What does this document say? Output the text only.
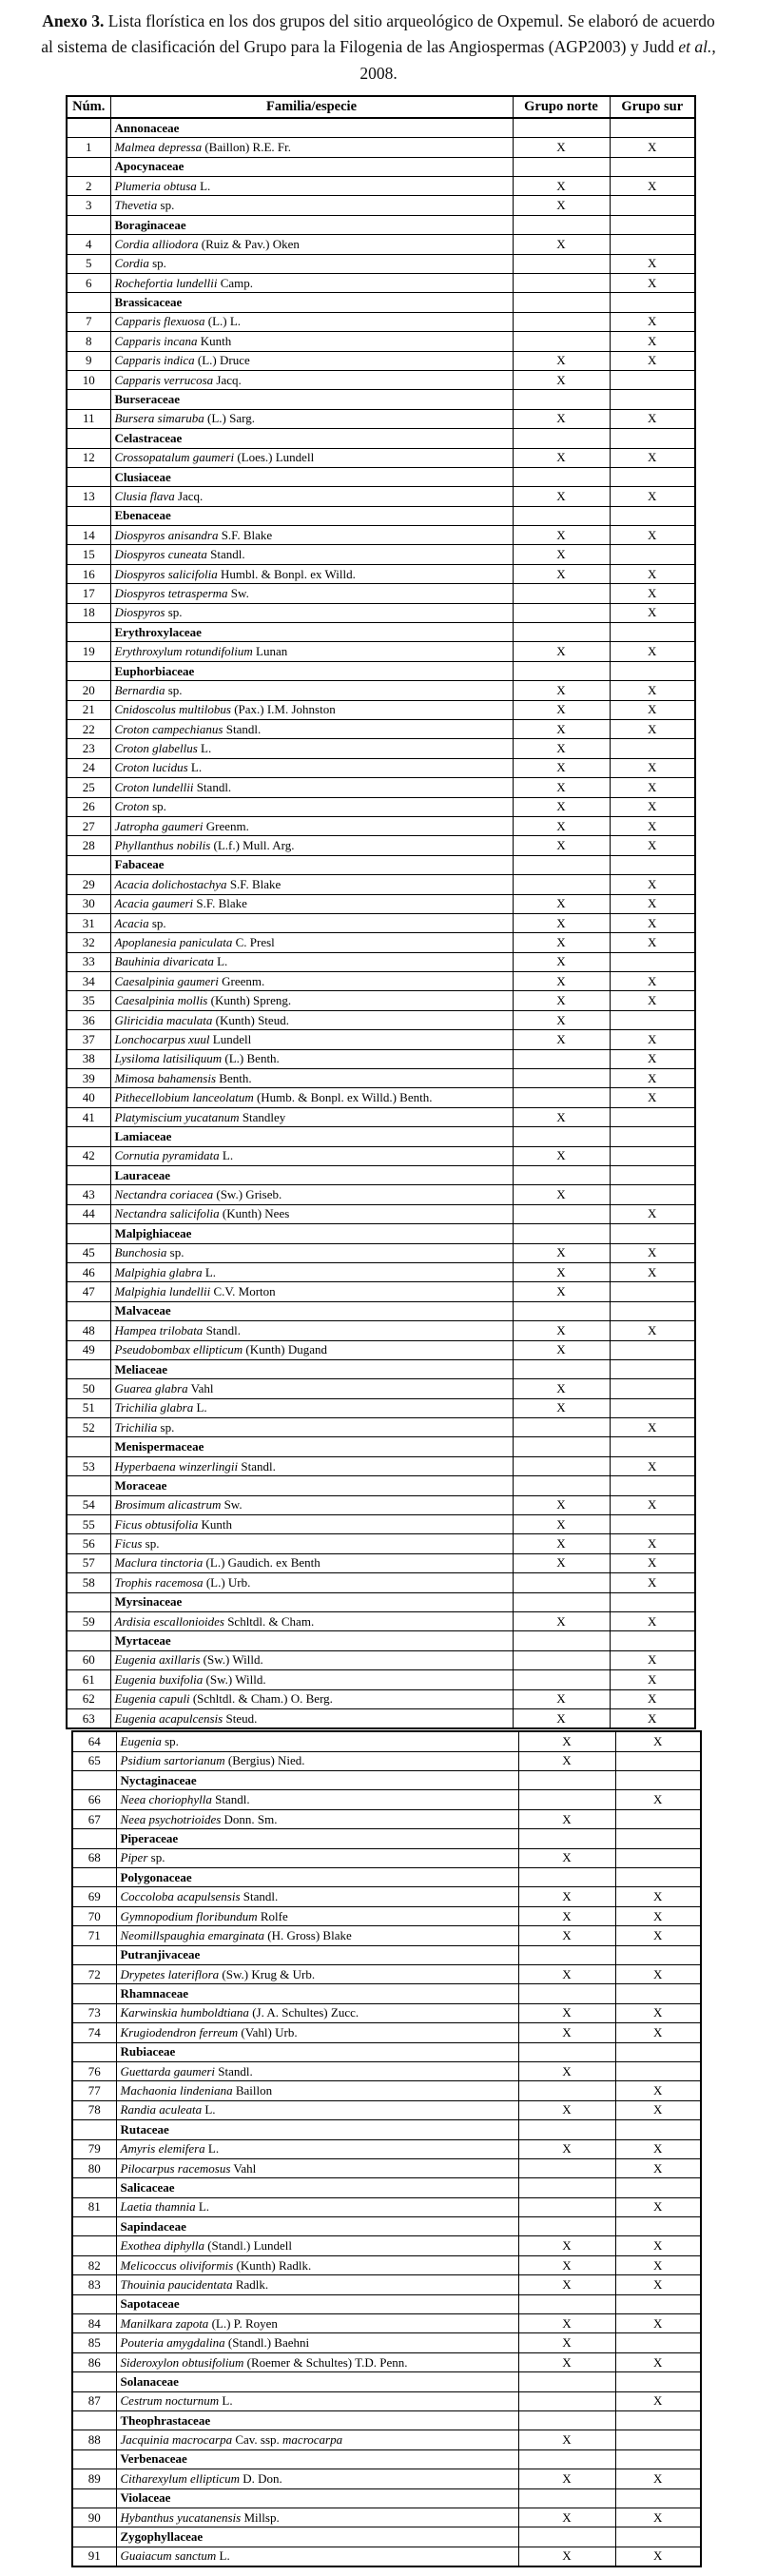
Anexo 3. Lista florística en los dos grupos del sitio arqueológico de Oxpemul. Se elaboró de acuerdo al sistema de clasificación del Grupo para la Filogenia de las Angiospermas (AGP2003) y Judd et al., 2008.
Núm.	Familia/especie	Grupo norte	Grupo sur
	Annonaceae		
1	Malmea depressa (Baillon) R.E. Fr.	X	X
	Apocynaceae		
2	Plumeria obtusa L.	X	X
3	Thevetia sp.	X	
	Boraginaceae		
4	Cordia alliodora (Ruiz & Pav.) Oken	X	
5	Cordia sp.		X
6	Rochefortia lundellii Camp.		X
	Brassicaceae		
7	Capparis flexuosa (L.) L.		X
8	Capparis incana Kunth		X
9	Capparis indica (L.) Druce	X	X
10	Capparis verrucosa Jacq.	X	
	Burseraceae		
11	Bursera simaruba (L.) Sarg.	X	X
	Celastraceae		
12	Crossopatalum gaumeri (Loes.) Lundell	X	X
	Clusiaceae		
13	Clusia flava Jacq.	X	X
	Ebenaceae		
14	Diospyros anisandra S.F. Blake	X	X
15	Diospyros cuneata Standl.	X	
16	Diospyros salicifolia Humbl. & Bonpl. ex Willd.	X	X
17	Diospyros tetrasperma Sw.		X
18	Diospyros sp.		X
	Erythroxylaceae		
19	Erythroxylum rotundifolium Lunan	X	X
	Euphorbiaceae		
20	Bernardia sp.	X	X
21	Cnidoscolus multilobus (Pax.) I.M. Johnston	X	X
22	Croton campechianus Standl.	X	X
23	Croton glabellus L.	X	
24	Croton lucidus L.	X	X
25	Croton lundellii Standl.	X	X
26	Croton sp.	X	X
27	Jatropha gaumeri Greenm.	X	X
28	Phyllanthus nobilis (L.f.) Mull. Arg.	X	X
	Fabaceae		
29	Acacia dolichostachya S.F. Blake		X
30	Acacia gaumeri S.F. Blake	X	X
31	Acacia sp.	X	X
32	Apoplanesia paniculata C. Presl	X	X
33	Bauhinia divaricata L.	X	
34	Caesalpinia gaumeri Greenm.	X	X
35	Caesalpinia mollis (Kunth) Spreng.	X	X
36	Gliricidia maculata (Kunth) Steud.	X	
37	Lonchocarpus xuul Lundell	X	X
38	Lysiloma latisiliquum (L.) Benth.		X
39	Mimosa bahamensis Benth.		X
40	Pithecellobium lanceolatum (Humb. & Bonpl. ex Willd.) Benth.		X
41	Platymiscium yucatanum Standley	X	
	Lamiaceae		
42	Cornutia pyramidata L.	X	
	Lauraceae		
43	Nectandra coriacea (Sw.) Griseb.	X	
44	Nectandra salicifolia (Kunth) Nees		X
	Malpighiaceae		
45	Bunchosia sp.	X	X
46	Malpighia glabra L.	X	X
47	Malpighia lundellii C.V. Morton	X	
	Malvaceae		
48	Hampea trilobata Standl.	X	X
49	Pseudobombax ellipticum (Kunth) Dugand	X	
	Meliaceae		
50	Guarea glabra Vahl	X	
51	Trichilia glabra L.	X	
52	Trichilia sp.		X
	Menispermaceae		
53	Hyperbaena winzerlingii Standl.		X
	Moraceae		
54	Brosimum alicastrum Sw.	X	X
55	Ficus obtusifolia Kunth	X	
56	Ficus sp.	X	X
57	Maclura tinctoria (L.) Gaudich. ex Benth	X	X
58	Trophis racemosa (L.) Urb.		X
	Myrsinaceae		
59	Ardisia escallonioides Schltdl. & Cham.	X	X
	Myrtaceae		
60	Eugenia axillaris (Sw.) Willd.		X
61	Eugenia buxifolia (Sw.) Willd.		X
62	Eugenia capuli (Schltdl. & Cham.) O. Berg.	X	X
63	Eugenia acapulcensis Steud.	X	X
64	Eugenia sp.	X	X
65	Psidium sartorianum (Bergius) Nied.	X	
	Nyctaginaceae		
66	Neea choriophylla Standl.		X
67	Neea psychotrioides Donn. Sm.	X	
	Piperaceae		
68	Piper sp.	X	
	Polygonaceae		
69	Coccoloba acapulsensis Standl.	X	X
70	Gymnopodium floribundum Rolfe	X	X
71	Neomillspaughia emarginata (H. Gross) Blake	X	X
	Putranjivaceae		
72	Drypetes lateriflora (Sw.) Krug & Urb.	X	X
	Rhamnaceae		
73	Karwinskia humboldtiana (J. A. Schultes) Zucc.	X	X
74	Krugiodendron ferreum (Vahl) Urb.	X	X
	Rubiaceae		
76	Guettarda gaumeri Standl.	X	
77	Machaonia lindeniana Baillon		X
78	Randia aculeata L.	X	X
	Rutaceae		
79	Amyris elemifera L.	X	X
80	Pilocarpus racemosus Vahl		X
	Salicaceae		
81	Laetia thamnia L.		X
	Sapindaceae		
	Exothea diphylla (Standl.) Lundell	X	X
82	Melicoccus oliviformis (Kunth) Radlk.	X	X
83	Thouinia paucidentata Radlk.	X	X
	Sapotaceae		
84	Manilkara zapota (L.) P. Royen	X	X
85	Pouteria amygdalina (Standl.) Baehni	X	
86	Sideroxylon obtusifolium (Roemer & Schultes) T.D. Penn.	X	X
	Solanaceae		
87	Cestrum nocturnum L.		X
	Theophrastaceae		
88	Jacquinia macrocarpa Cav. ssp. macrocarpa	X	
	Verbenaceae		
89	Citharexylum ellipticum D. Don.	X	X
	Violaceae		
90	Hybanthus yucatanensis Millsp.	X	X
	Zygophyllaceae		
91	Guaiacum sanctum L.	X	X
